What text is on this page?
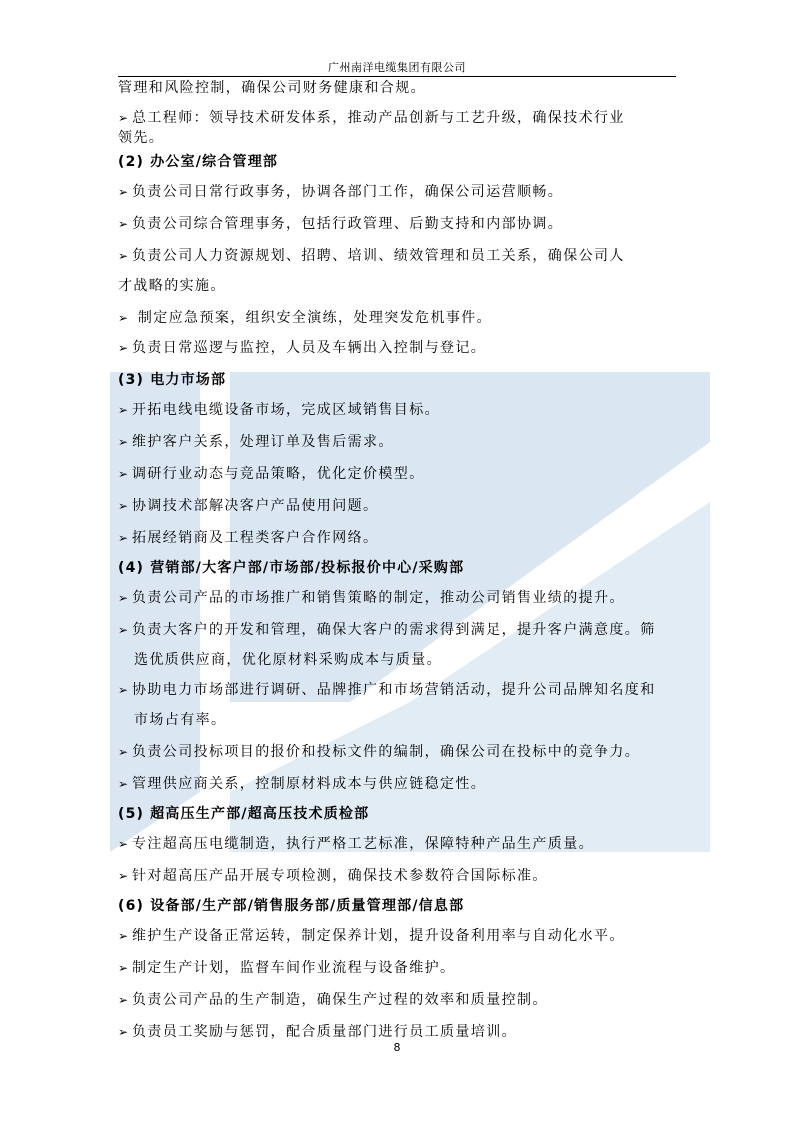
广州南洋电缆集团有限公司
管理和风险控制，确保公司财务健康和合规。
➢ 总工程师：领导技术研发体系，推动产品创新与工艺升级，确保技术行业
领先。
(2) 办公室/综合管理部
➢ 负责公司日常行政事务，协调各部门工作，确保公司运营顺畅。
➢ 负责公司综合管理事务，包括行政管理、后勤支持和内部协调。
➢ 负责公司人力资源规划、招聘、培训、绩效管理和员工关系，确保公司人
才战略的实施。
➢ 制定应急预案，组织安全演练，处理突发危机事件。
➢ 负责日常巡逻与监控，人员及车辆出入控制与登记。
(3) 电力市场部
➢ 开拓电线电缆设备市场，完成区域销售目标。
➢ 维护客户关系，处理订单及售后需求。
➢ 调研行业动态与竞品策略，优化定价模型。
➢ 协调技术部解决客户产品使用问题。
➢ 拓展经销商及工程类客户合作网络。
(4) 营销部/大客户部/市场部/投标报价中心/采购部
➢ 负责公司产品的市场推广和销售策略的制定，推动公司销售业绩的提升。
➢ 负责大客户的开发和管理，确保大客户的需求得到满足，提升客户满意度。筛
选优质供应商，优化原材料采购成本与质量。
➢ 协助电力市场部进行调研、品牌推广和市场营销活动，提升公司品牌知名度和
市场占有率。
➢ 负责公司投标项目的报价和投标文件的编制，确保公司在投标中的竞争力。
➢ 管理供应商关系，控制原材料成本与供应链稳定性。
(5) 超高压生产部/超高压技术质检部
➢ 专注超高压电缆制造，执行严格工艺标准，保障特种产品生产质量。
➢ 针对超高压产品开展专项检测，确保技术参数符合国际标准。
(6) 设备部/生产部/销售服务部/质量管理部/信息部
➢ 维护生产设备正常运转，制定保养计划，提升设备利用率与自动化水平。
➢ 制定生产计划，监督车间作业流程与设备维护。
➢ 负责公司产品的生产制造，确保生产过程的效率和质量控制。
➢ 负责员工奖励与惩罚，配合质量部门进行员工质量培训。
8
